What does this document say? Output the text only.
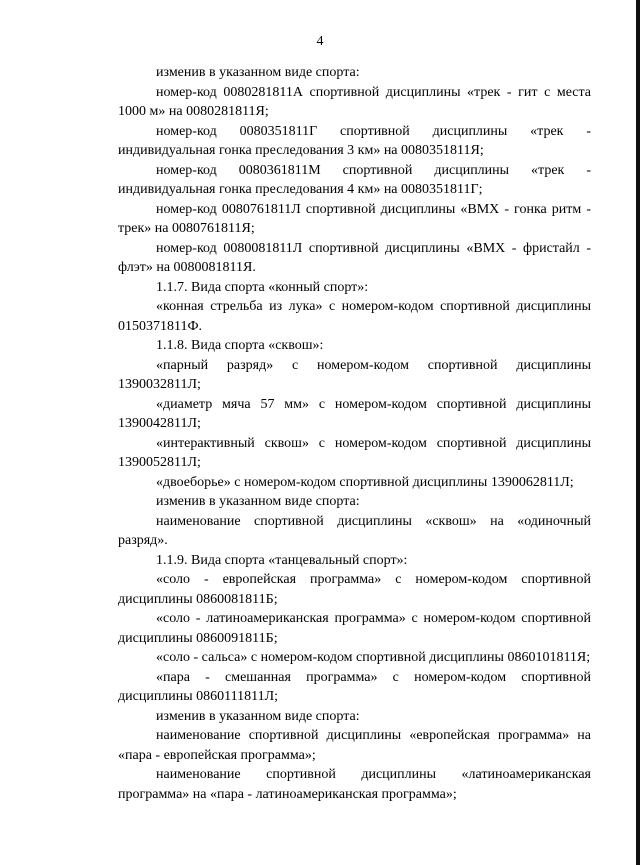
4

изменив в указанном виде спорта:

номер-код 0080281811А спортивной дисциплины «трек - гит с места 1000 м» на 0080281811Я;

номер-код 0080351811Г спортивной дисциплины «трек - индивидуальная гонка преследования 3 км» на 0080351811Я;

номер-код 0080361811М спортивной дисциплины «трек - индивидуальная гонка преследования 4 км» на 0080351811Г;

номер-код 0080761811Л спортивной дисциплины «ВМХ - гонка ритм - трек» на 0080761811Я;

номер-код 0080081811Л спортивной дисциплины «ВМХ - фристайл - флэт» на 0080081811Я.

1.1.7. Вида спорта «конный спорт»:

«конная стрельба из лука» с номером-кодом спортивной дисциплины 0150371811Ф.

1.1.8. Вида спорта «сквош»:

«парный разряд» с номером-кодом спортивной дисциплины 1390032811Л;

«диаметр мяча 57 мм» с номером-кодом спортивной дисциплины 1390042811Л;

«интерактивный сквош» с номером-кодом спортивной дисциплины 1390052811Л;

«двоеборье» с номером-кодом спортивной дисциплины 1390062811Л;

изменив в указанном виде спорта:

наименование спортивной дисциплины «сквош» на «одиночный разряд».

1.1.9. Вида спорта «танцевальный спорт»:

«соло - европейская программа» с номером-кодом спортивной дисциплины 0860081811Б;

«соло - латиноамериканская программа» с номером-кодом спортивной дисциплины 0860091811Б;

«соло - сальса» с номером-кодом спортивной дисциплины 0860101811Я;

«пара - смешанная программа» с номером-кодом спортивной дисциплины 0860111811Л;

изменив в указанном виде спорта:

наименование спортивной дисциплины «европейская программа» на «пара - европейская программа»;

наименование спортивной дисциплины «латиноамериканская программа» на «пара - латиноамериканская программа»;
